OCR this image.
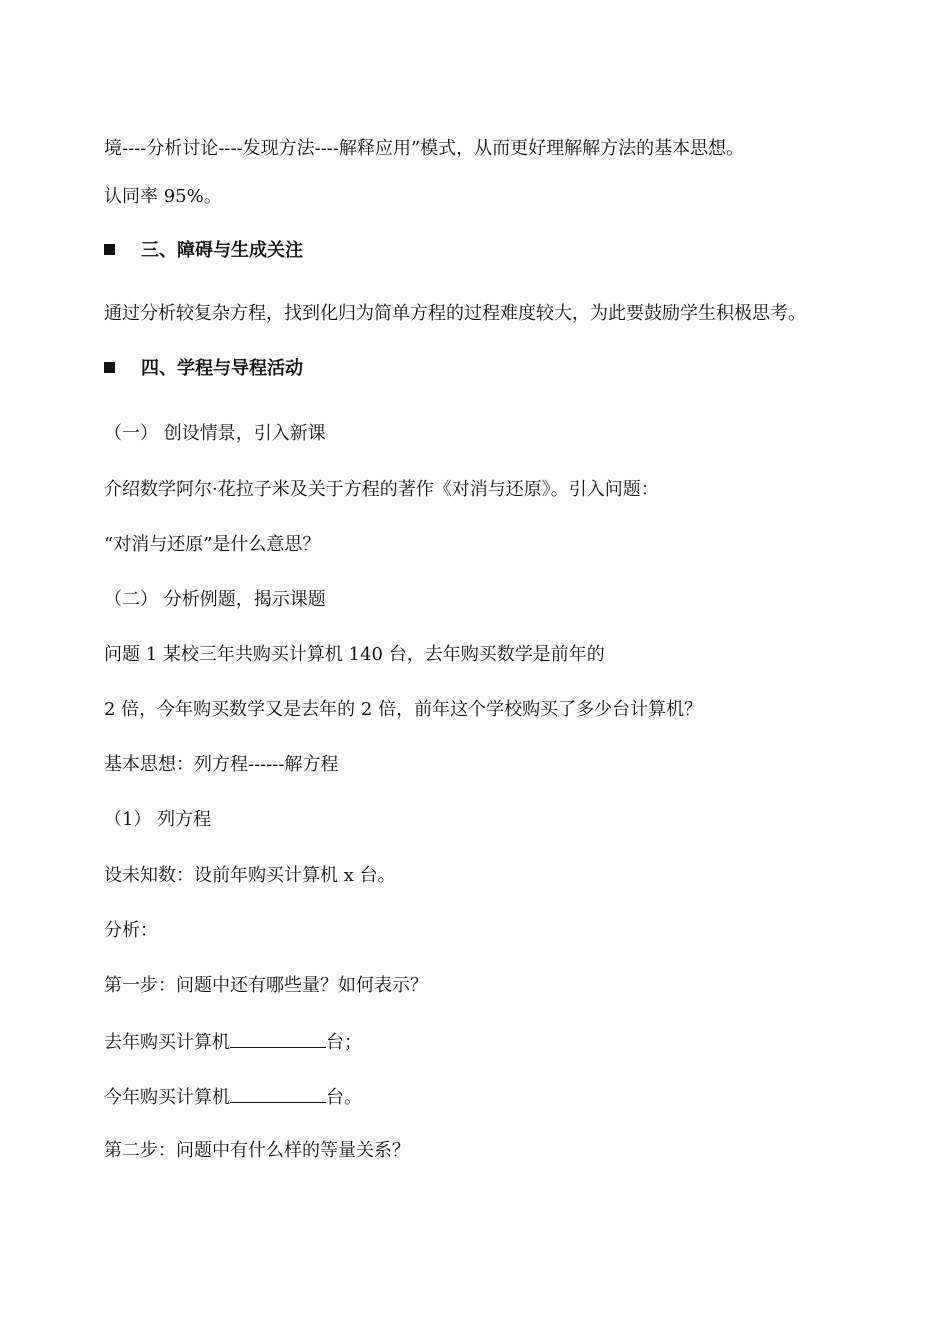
境----分析讨论----发现方法----解释应用”模式，从而更好理解解方法的基本思想。
认同率 95%。
三、障碍与生成关注
通过分析较复杂方程，找到化归为简单方程的过程难度较大，为此要鼓励学生积极思考。
四、学程与导程活动
（一） 创设情景，引入新课
介绍数学阿尔·花拉子米及关于方程的著作《对消与还原》。引入问题：
“对消与还原”是什么意思？
（二） 分析例题，揭示课题
问题 1 某校三年共购买计算机 140 台，去年购买数学是前年的
2 倍，今年购买数学又是去年的 2 倍，前年这个学校购买了多少台计算机？
基本思想：列方程------解方程
（1） 列方程
设未知数：设前年购买计算机 x 台。
分析：
第一步：问题中还有哪些量？如何表示？
去年购买计算机	台；
今年购买计算机	台。
第二步：问题中有什么样的等量关系？
